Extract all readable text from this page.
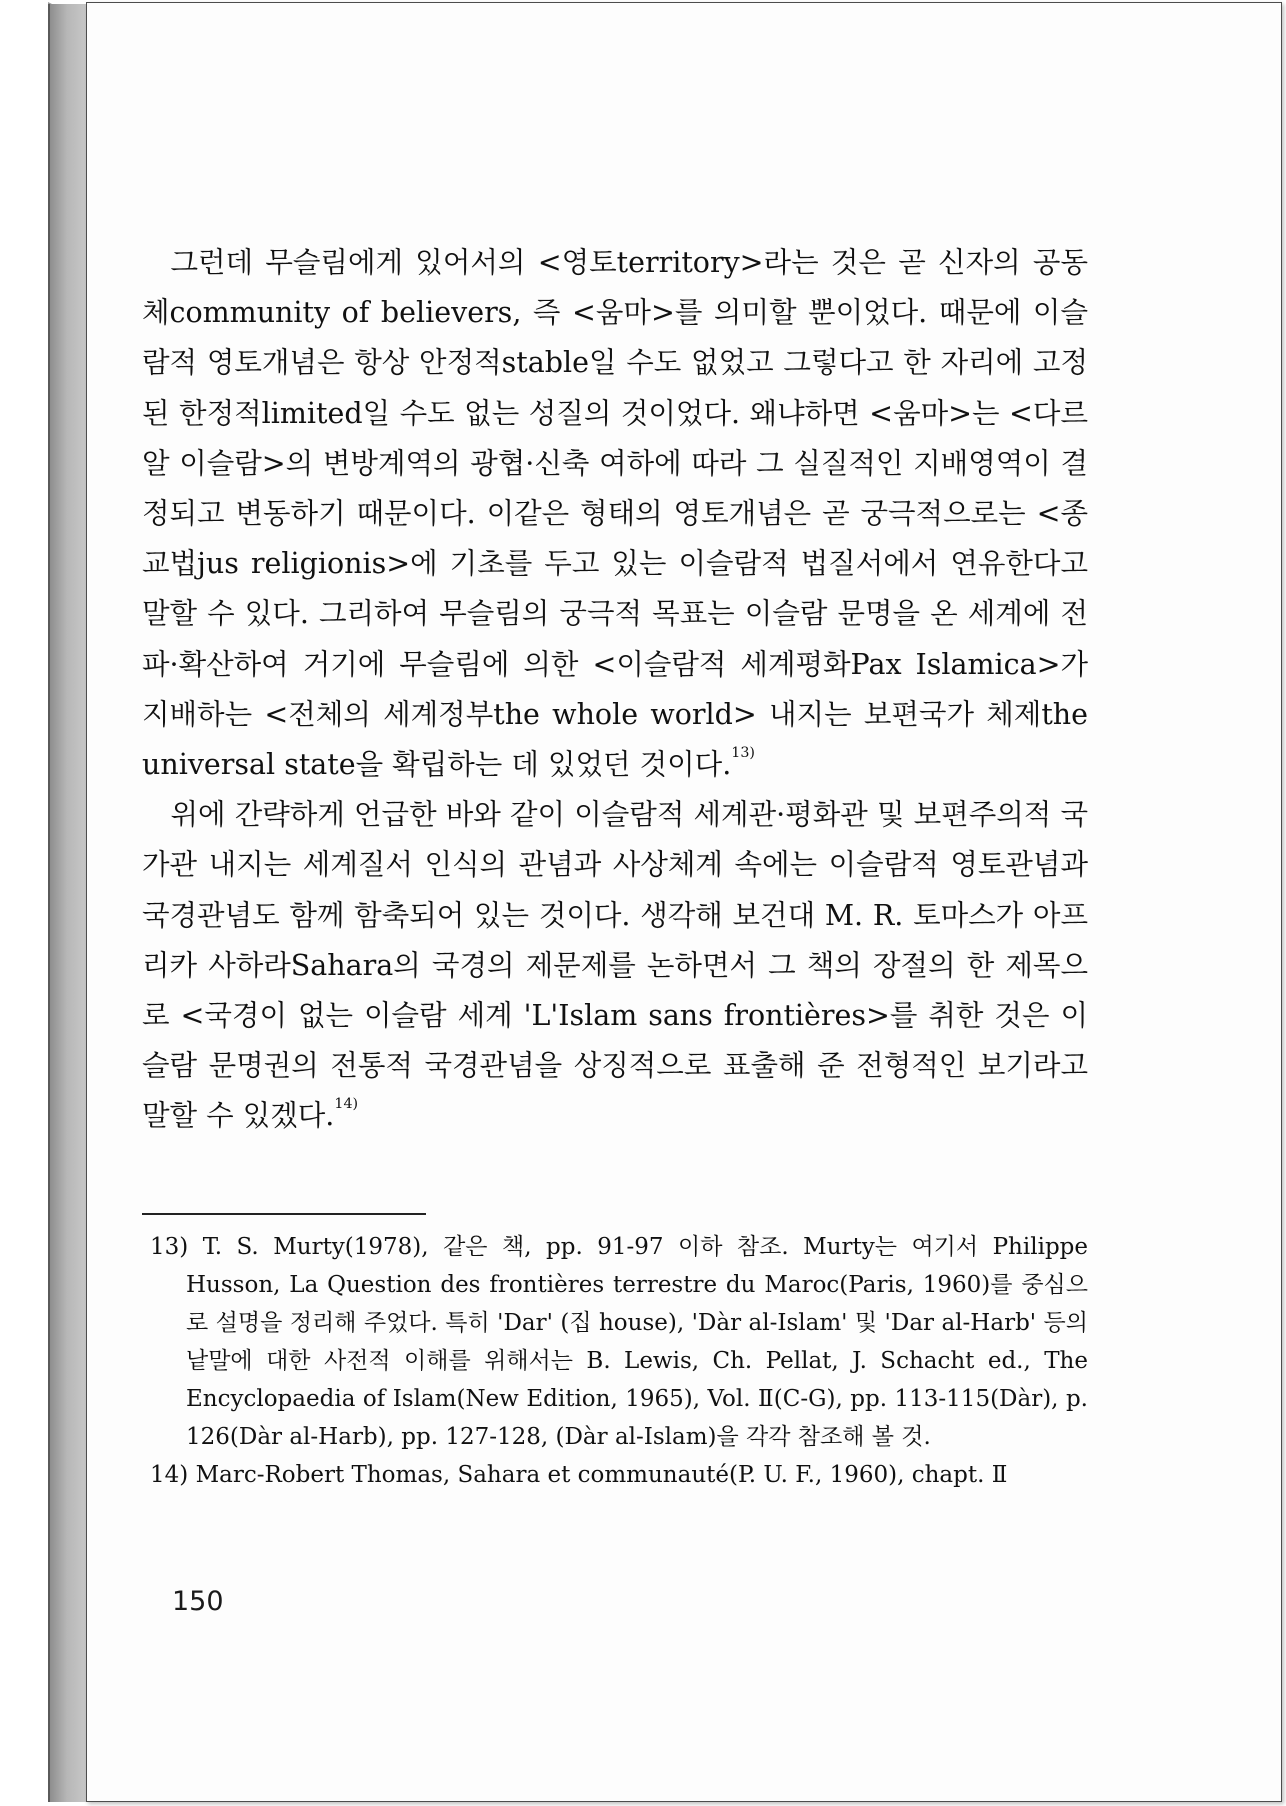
그런데 무슬림에게 있어서의 <영토territory>라는 것은 곧 신자의 공동체community of believers, 즉 <움마>를 의미할 뿐이었다. 때문에 이슬람적 영토개념은 항상 안정적stable일 수도 없었고 그렇다고 한 자리에 고정된 한정적limited일 수도 없는 성질의 것이었다. 왜냐하면 <움마>는 <다르 알 이슬람>의 변방계역의 광협·신축 여하에 따라 그 실질적인 지배영역이 결정되고 변동하기 때문이다. 이같은 형태의 영토개념은 곧 궁극적으로는 <종교법jus religionis>에 기초를 두고 있는 이슬람적 법질서에서 연유한다고 말할 수 있다. 그리하여 무슬림의 궁극적 목표는 이슬람 문명을 온 세계에 전파·확산하여 거기에 무슬림에 의한 <이슬람적 세계평화Pax Islamica>가 지배하는 <전체의 세계정부the whole world> 내지는 보편국가 체제the universal state을 확립하는 데 있었던 것이다.$^{13)}$

위에 간략하게 언급한 바와 같이 이슬람적 세계관·평화관 및 보편주의적 국가관 내지는 세계질서 인식의 관념과 사상체계 속에는 이슬람적 영토관념과 국경관념도 함께 함축되어 있는 것이다. 생각해 보건대 M. R. 토마스가 아프리카 사하라Sahara의 국경의 제문제를 논하면서 그 책의 장절의 한 제목으로 <국경이 없는 이슬람 세계 'L'Islam sans frontières>를 취한 것은 이슬람 문명권의 전통적 국경관념을 상징적으로 표출해 준 전형적인 보기라고 말할 수 있겠다.$^{14)}$

13) T. S. Murty(1978), 같은 책, pp. 91-97 이하 참조. Murty는 여기서 Philippe Husson, La Question des frontières terrestre du Maroc(Paris, 1960)를 중심으로 설명을 정리해 주었다. 특히 'Dar' (집 house), 'Dàr al-Islam' 및 'Dar al-Harb' 등의 낱말에 대한 사전적 이해를 위해서는 B. Lewis, Ch. Pellat, J. Schacht ed., The Encyclopaedia of Islam(New Edition, 1965), Vol. Ⅱ(C-G), pp. 113-115(Dàr), p. 126(Dàr al-Harb), pp. 127-128, (Dàr al-Islam)을 각각 참조해 볼 것.
14) Marc-Robert Thomas, Sahara et communauté(P. U. F., 1960), chapt. Ⅱ
150
